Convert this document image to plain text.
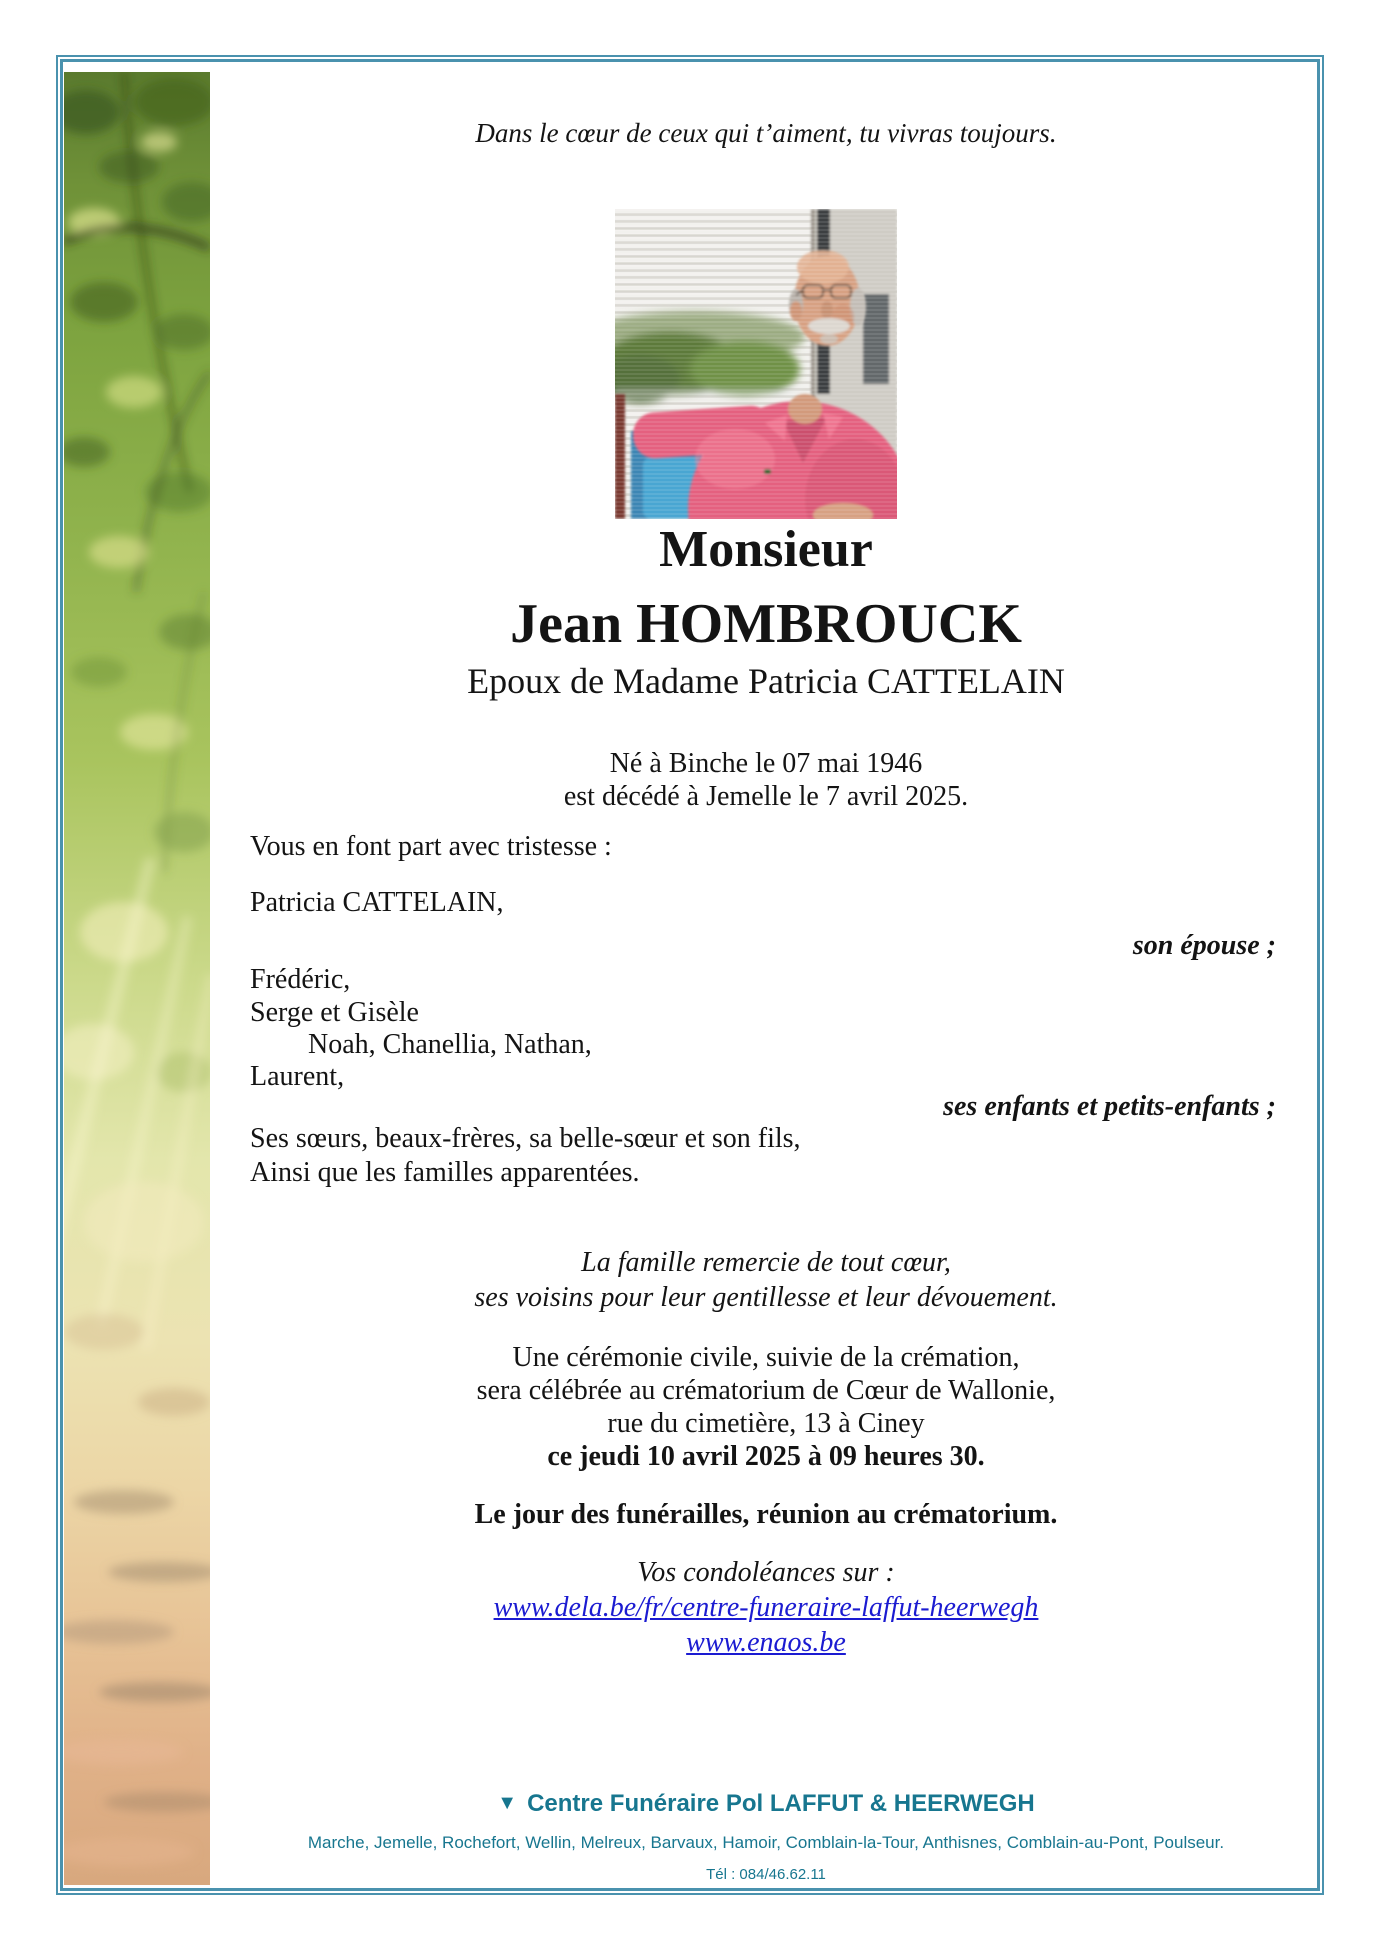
Dans le cœur de ceux qui t’aiment, tu vivras toujours.
Monsieur
Jean HOMBROUCK
Epoux de Madame Patricia CATTELAIN
Né à Binche le 07 mai 1946
est décédé à Jemelle le 7 avril 2025.
Vous en font part avec tristesse :
Patricia CATTELAIN,
son épouse ;
Frédéric,
Serge et Gisèle
Noah, Chanellia, Nathan,
Laurent,
ses enfants et petits-enfants ;
Ses sœurs, beaux-frères, sa belle-sœur et son fils,
Ainsi que les familles apparentées.
La famille remercie de tout cœur,
ses voisins pour leur gentillesse et leur dévouement.
Une cérémonie civile, suivie de la crémation,
sera célébrée au crématorium de Cœur de Wallonie,
rue du cimetière, 13 à Ciney
ce jeudi 10 avril 2025 à 09 heures 30.
Le jour des funérailles, réunion au crématorium.
Vos condoléances sur :
www.dela.be/fr/centre-funeraire-laffut-heerwegh
www.enaos.be
▼Centre Funéraire Pol LAFFUT & HEERWEGH
Marche, Jemelle, Rochefort, Wellin, Melreux, Barvaux, Hamoir, Comblain-la-Tour, Anthisnes, Comblain-au-Pont, Poulseur.
Tél : 084/46.62.11
